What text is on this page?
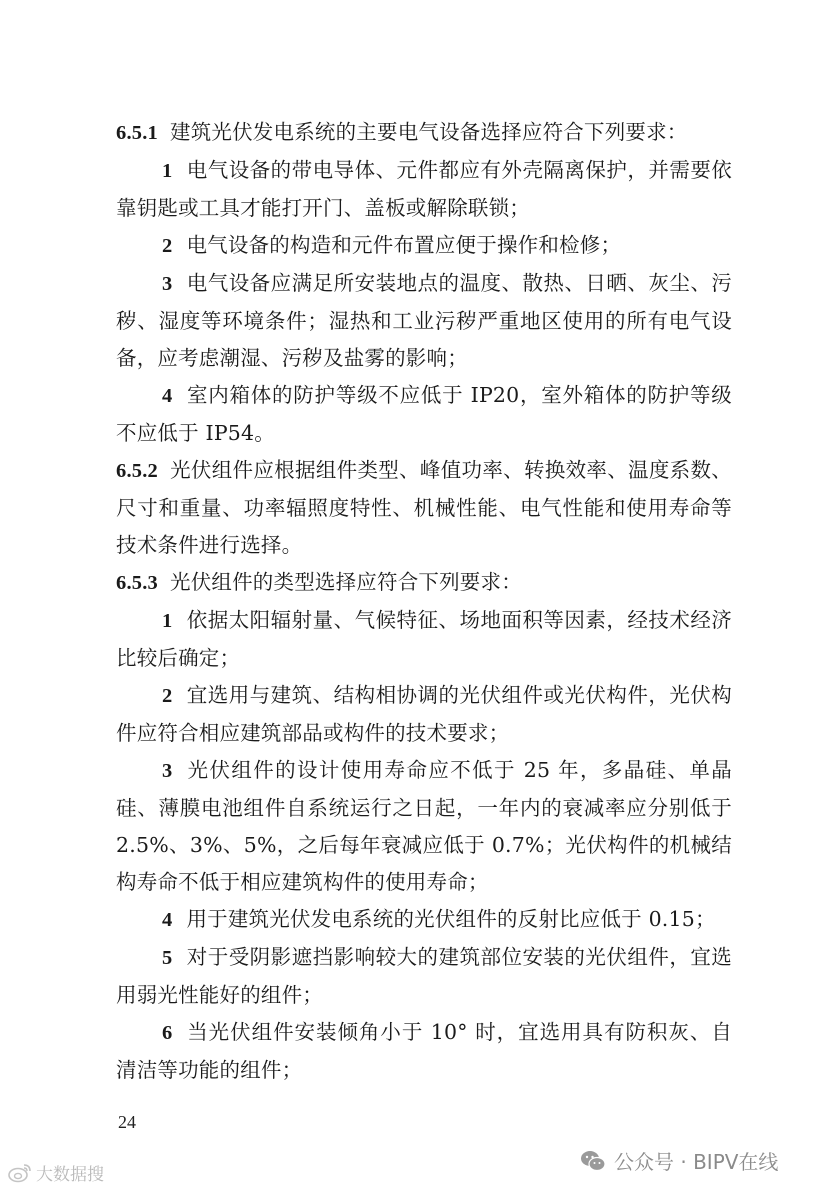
6.5.1 建筑光伏发电系统的主要电气设备选择应符合下列要求：

1 电气设备的带电导体、元件都应有外壳隔离保护，并需要依靠钥匙或工具才能打开门、盖板或解除联锁；

2 电气设备的构造和元件布置应便于操作和检修；

3 电气设备应满足所安装地点的温度、散热、日晒、灰尘、污秽、湿度等环境条件；湿热和工业污秽严重地区使用的所有电气设备，应考虑潮湿、污秽及盐雾的影响；

4 室内箱体的防护等级不应低于 IP20，室外箱体的防护等级不应低于 IP54。

6.5.2 光伏组件应根据组件类型、峰值功率、转换效率、温度系数、尺寸和重量、功率辐照度特性、机械性能、电气性能和使用寿命等技术条件进行选择。

6.5.3 光伏组件的类型选择应符合下列要求：

1 依据太阳辐射量、气候特征、场地面积等因素，经技术经济比较后确定；

2 宜选用与建筑、结构相协调的光伏组件或光伏构件，光伏构件应符合相应建筑部品或构件的技术要求；

3 光伏组件的设计使用寿命应不低于 25 年，多晶硅、单晶硅、薄膜电池组件自系统运行之日起，一年内的衰减率应分别低于 2.5%、3%、5%，之后每年衰减应低于 0.7%；光伏构件的机械结构寿命不低于相应建筑构件的使用寿命；

4 用于建筑光伏发电系统的光伏组件的反射比应低于 0.15；

5 对于受阴影遮挡影响较大的建筑部位安装的光伏组件，宜选用弱光性能好的组件；

6 当光伏组件安装倾角小于 10° 时，宜选用具有防积灰、自清洁等功能的组件；

24
大数据搜
公众号 · BIPV在线
